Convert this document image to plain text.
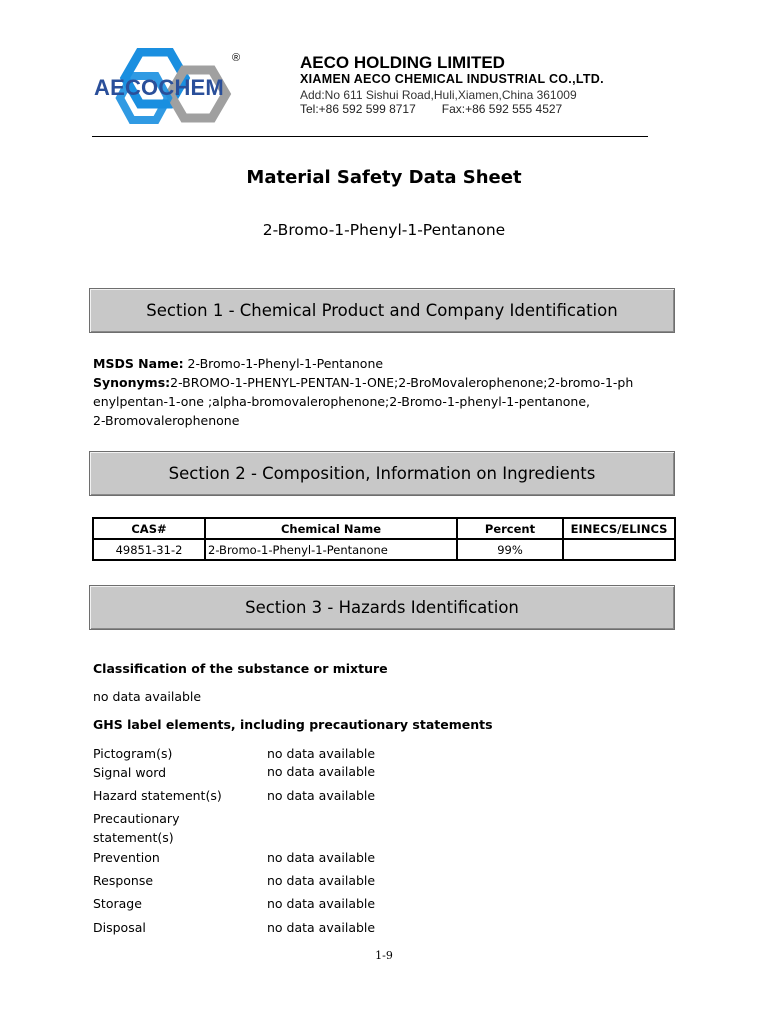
AECOCHEM
®	AECO HOLDING LIMITED
XIAMEN AECO CHEMICAL INDUSTRIAL CO.,LTD.
Add:No 611 Sishui Road,Huli,Xiamen,China 361009
Tel:+86 592 599 8717 Fax:+86 592 555 4527
Material Safety Data Sheet
2-Bromo-1-Phenyl-1-Pentanone
Section 1 - Chemical Product and Company Identification
MSDS Name: 2-Bromo-1-Phenyl-1-Pentanone
Synonyms:2-BROMO-1-PHENYL-PENTAN-1-ONE;2-BroMovalerophenone;2-bromo-1-ph
enylpentan-1-one ;alpha-bromovalerophenone;2-Bromo-1-phenyl-1-pentanone,
2-Bromovalerophenone
Section 2 - Composition, Information on Ingredients
CAS#	Chemical Name	Percent	EINECS/ELINCS
49851-31-2	2-Bromo-1-Phenyl-1-Pentanone	99%	
Section 3 - Hazards Identification
Classification of the substance or mixture
no data available
GHS label elements, including precautionary statements
Pictogram(s)	no data available
Signal word	no data available
Hazard statement(s)	no data available
Precautionary
statement(s)
Prevention	no data available
Response	no data available
Storage	no data available
Disposal	no data available
1-9
